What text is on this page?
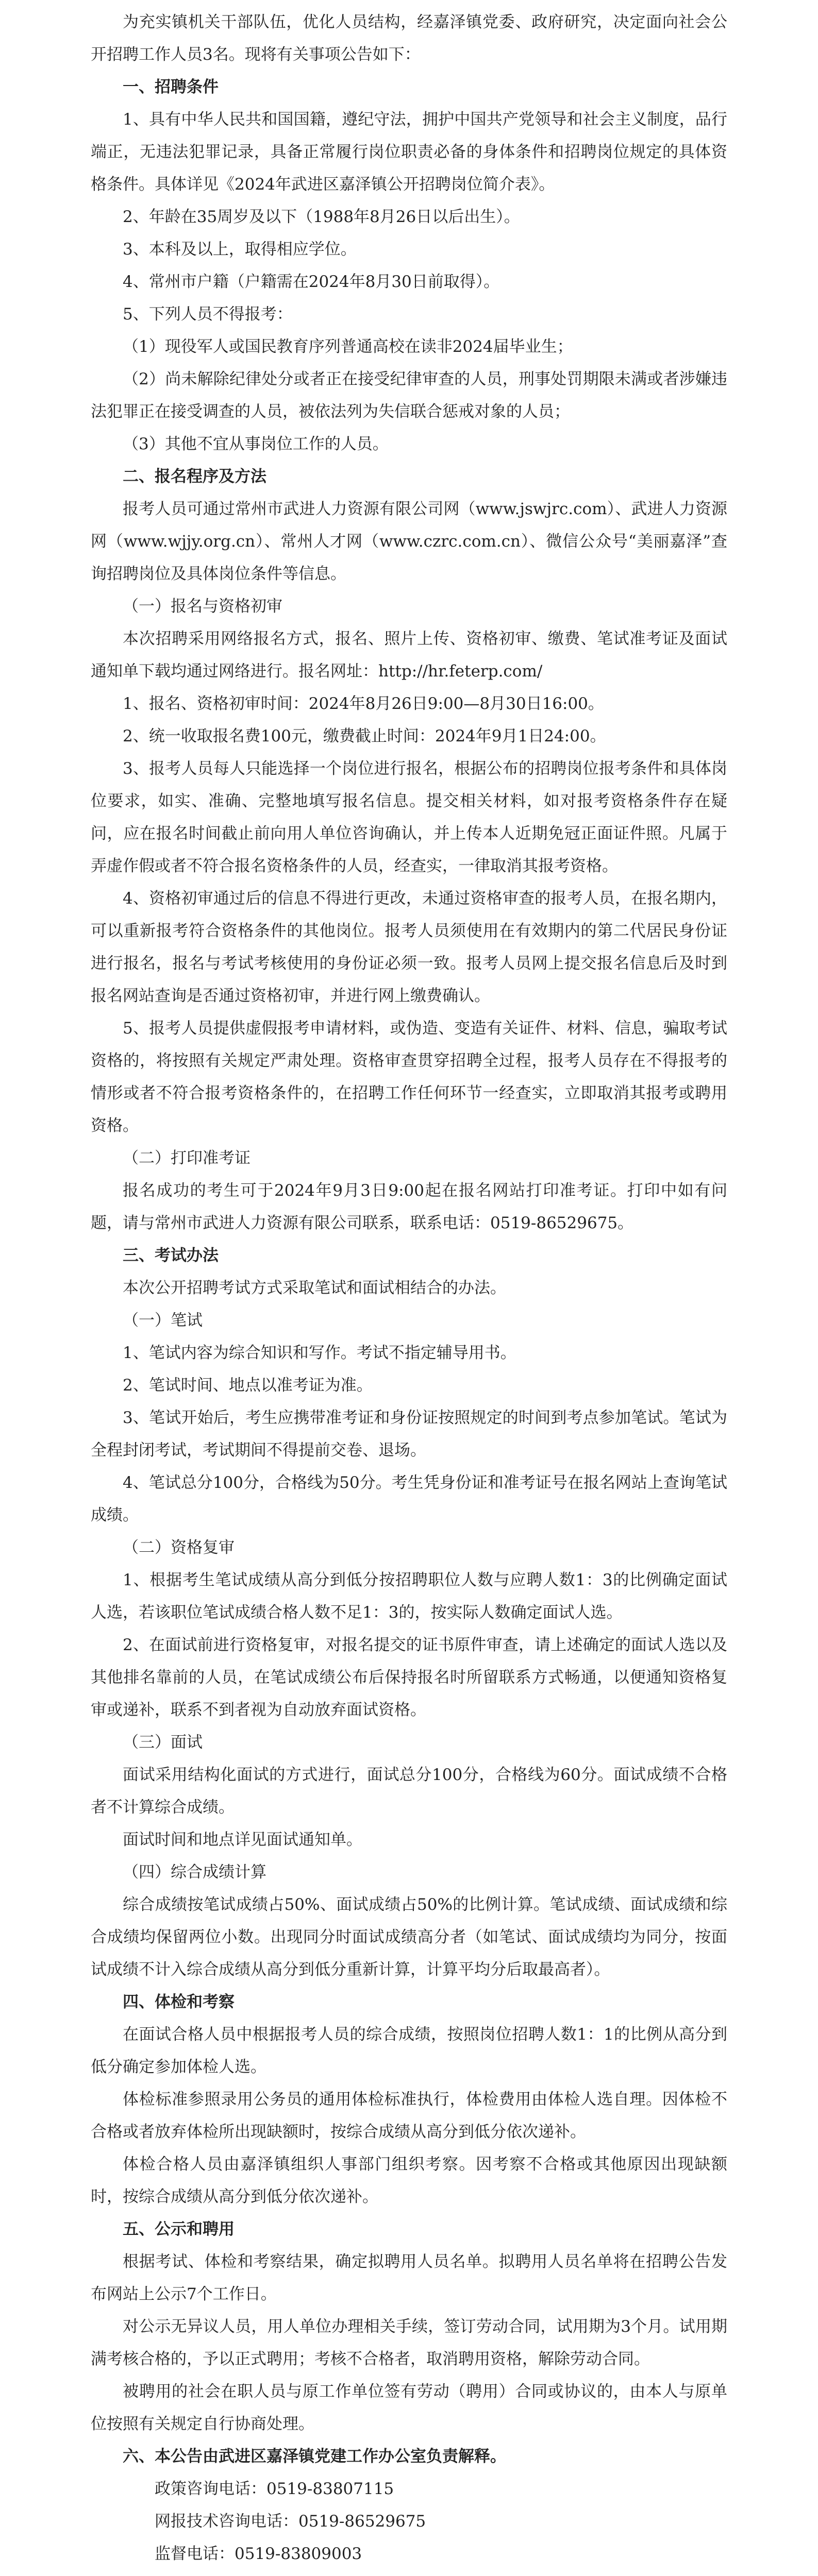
为充实镇机关干部队伍，优化人员结构，经嘉泽镇党委、政府研究，决定面向社会公开招聘工作人员3名。现将有关事项公告如下：

一、招聘条件

1、具有中华人民共和国国籍，遵纪守法，拥护中国共产党领导和社会主义制度，品行端正，无违法犯罪记录，具备正常履行岗位职责必备的身体条件和招聘岗位规定的具体资格条件。具体详见《2024年武进区嘉泽镇公开招聘岗位简介表》。

2、年龄在35周岁及以下（1988年8月26日以后出生）。

3、本科及以上，取得相应学位。

4、常州市户籍（户籍需在2024年8月30日前取得）。

5、下列人员不得报考：

（1）现役军人或国民教育序列普通高校在读非2024届毕业生；

（2）尚未解除纪律处分或者正在接受纪律审查的人员，刑事处罚期限未满或者涉嫌违法犯罪正在接受调查的人员，被依法列为失信联合惩戒对象的人员；

（3）其他不宜从事岗位工作的人员。

二、报名程序及方法

报考人员可通过常州市武进人力资源有限公司网（www.jswjrc.com）、武进人力资源网（www.wjjy.org.cn）、常州人才网（www.czrc.com.cn）、微信公众号“美丽嘉泽”查询招聘岗位及具体岗位条件等信息。

（一）报名与资格初审

本次招聘采用网络报名方式，报名、照片上传、资格初审、缴费、笔试准考证及面试通知单下载均通过网络进行。报名网址：http://hr.feterp.com/

1、报名、资格初审时间：2024年8月26日9:00—8月30日16:00。

2、统一收取报名费100元，缴费截止时间：2024年9月1日24:00。

3、报考人员每人只能选择一个岗位进行报名，根据公布的招聘岗位报考条件和具体岗位要求，如实、准确、完整地填写报名信息。提交相关材料，如对报考资格条件存在疑问，应在报名时间截止前向用人单位咨询确认，并上传本人近期免冠正面证件照。凡属于弄虚作假或者不符合报名资格条件的人员，经查实，一律取消其报考资格。

4、资格初审通过后的信息不得进行更改，未通过资格审查的报考人员，在报名期内，可以重新报考符合资格条件的其他岗位。报考人员须使用在有效期内的第二代居民身份证进行报名，报名与考试考核使用的身份证必须一致。报考人员网上提交报名信息后及时到报名网站查询是否通过资格初审，并进行网上缴费确认。

5、报考人员提供虚假报考申请材料，或伪造、变造有关证件、材料、信息，骗取考试资格的，将按照有关规定严肃处理。资格审查贯穿招聘全过程，报考人员存在不得报考的情形或者不符合报考资格条件的，在招聘工作任何环节一经查实，立即取消其报考或聘用资格。

（二）打印准考证

报名成功的考生可于2024年9月3日9:00起在报名网站打印准考证。打印中如有问题，请与常州市武进人力资源有限公司联系，联系电话：0519-86529675。

三、考试办法

本次公开招聘考试方式采取笔试和面试相结合的办法。

（一）笔试

1、笔试内容为综合知识和写作。考试不指定辅导用书。

2、笔试时间、地点以准考证为准。

3、笔试开始后，考生应携带准考证和身份证按照规定的时间到考点参加笔试。笔试为全程封闭考试，考试期间不得提前交卷、退场。

4、笔试总分100分，合格线为50分。考生凭身份证和准考证号在报名网站上查询笔试成绩。

（二）资格复审

1、根据考生笔试成绩从高分到低分按招聘职位人数与应聘人数1：3的比例确定面试人选，若该职位笔试成绩合格人数不足1：3的，按实际人数确定面试人选。

2、在面试前进行资格复审，对报名提交的证书原件审查，请上述确定的面试人选以及其他排名靠前的人员，在笔试成绩公布后保持报名时所留联系方式畅通，以便通知资格复审或递补，联系不到者视为自动放弃面试资格。

（三）面试

面试采用结构化面试的方式进行，面试总分100分，合格线为60分。面试成绩不合格者不计算综合成绩。

面试时间和地点详见面试通知单。

（四）综合成绩计算

综合成绩按笔试成绩占50%、面试成绩占50%的比例计算。笔试成绩、面试成绩和综合成绩均保留两位小数。出现同分时面试成绩高分者（如笔试、面试成绩均为同分，按面试成绩不计入综合成绩从高分到低分重新计算，计算平均分后取最高者）。

四、体检和考察

在面试合格人员中根据报考人员的综合成绩，按照岗位招聘人数1：1的比例从高分到低分确定参加体检人选。

体检标准参照录用公务员的通用体检标准执行，体检费用由体检人选自理。因体检不合格或者放弃体检所出现缺额时，按综合成绩从高分到低分依次递补。

体检合格人员由嘉泽镇组织人事部门组织考察。因考察不合格或其他原因出现缺额时，按综合成绩从高分到低分依次递补。

五、公示和聘用

根据考试、体检和考察结果，确定拟聘用人员名单。拟聘用人员名单将在招聘公告发布网站上公示7个工作日。

对公示无异议人员，用人单位办理相关手续，签订劳动合同，试用期为3个月。试用期满考核合格的，予以正式聘用；考核不合格者，取消聘用资格，解除劳动合同。

被聘用的社会在职人员与原工作单位签有劳动（聘用）合同或协议的，由本人与原单位按照有关规定自行协商处理。

六、本公告由武进区嘉泽镇党建工作办公室负责解释。

政策咨询电话：0519-83807115

网报技术咨询电话：0519-86529675

监督电话：0519-83809003
